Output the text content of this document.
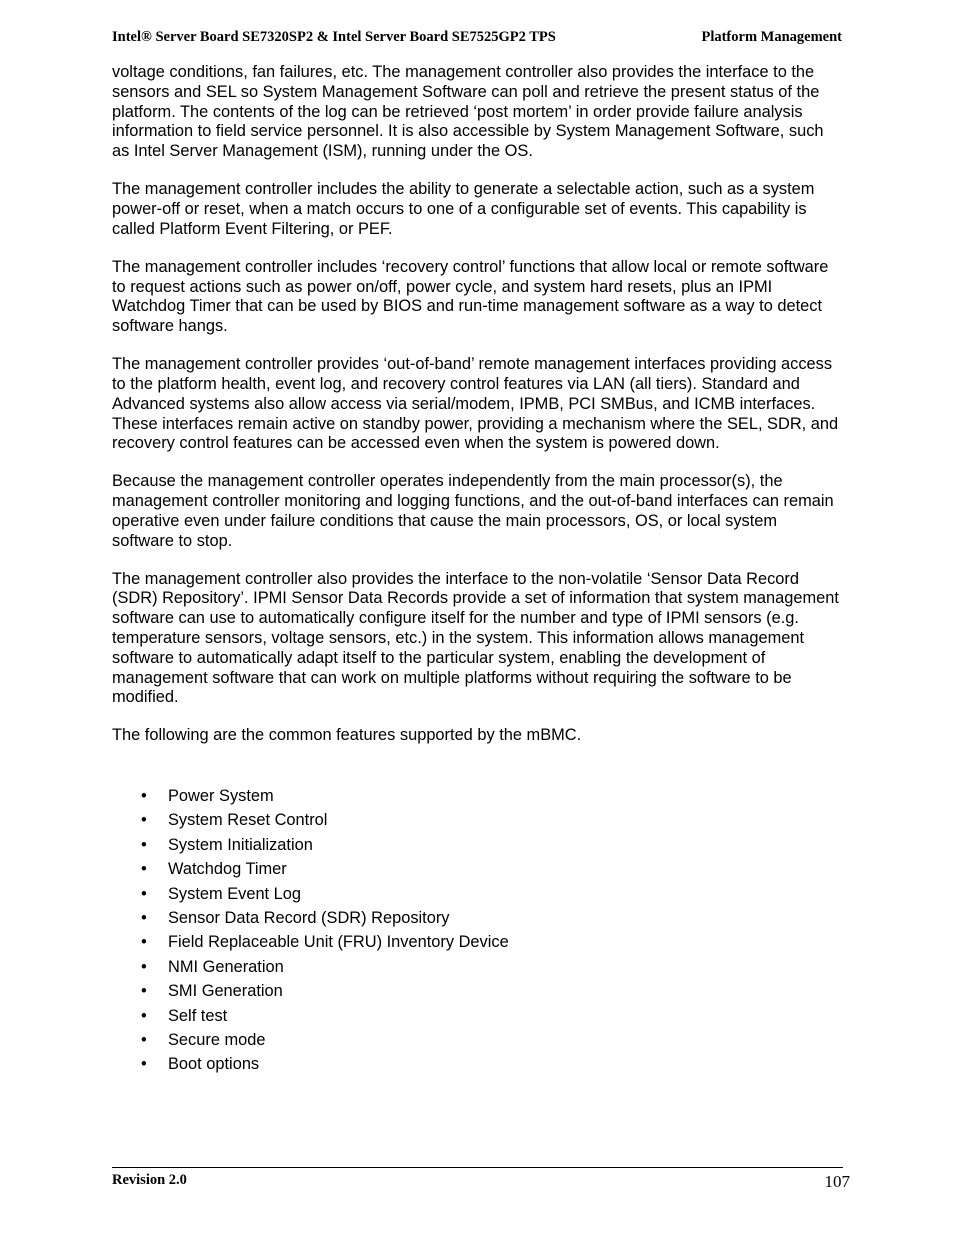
Intel® Server Board SE7320SP2 & Intel Server Board SE7525GP2 TPS	Platform Management

voltage conditions, fan failures, etc. The management controller also provides the interface to the sensors and SEL so System Management Software can poll and retrieve the present status of the platform. The contents of the log can be retrieved ‘post mortem’ in order provide failure analysis information to field service personnel. It is also accessible by System Management Software, such as Intel Server Management (ISM), running under the OS.

The management controller includes the ability to generate a selectable action, such as a system power-off or reset, when a match occurs to one of a configurable set of events. This capability is called Platform Event Filtering, or PEF.

The management controller includes ‘recovery control’ functions that allow local or remote software to request actions such as power on/off, power cycle, and system hard resets, plus an IPMI Watchdog Timer that can be used by BIOS and run-time management software as a way to detect software hangs.

The management controller provides ‘out-of-band’ remote management interfaces providing access to the platform health, event log, and recovery control features via LAN (all tiers). Standard and Advanced systems also allow access via serial/modem, IPMB, PCI SMBus, and ICMB interfaces. These interfaces remain active on standby power, providing a mechanism where the SEL, SDR, and recovery control features can be accessed even when the system is powered down.

Because the management controller operates independently from the main processor(s), the management controller monitoring and logging functions, and the out-of-band interfaces can remain operative even under failure conditions that cause the main processors, OS, or local system software to stop.

The management controller also provides the interface to the non-volatile ‘Sensor Data Record (SDR) Repository’. IPMI Sensor Data Records provide a set of information that system management software can use to automatically configure itself for the number and type of IPMI sensors (e.g. temperature sensors, voltage sensors, etc.) in the system. This information allows management software to automatically adapt itself to the particular system, enabling the development of management software that can work on multiple platforms without requiring the software to be modified.

The following are the common features supported by the mBMC.

• Power System
• System Reset Control
• System Initialization
• Watchdog Timer
• System Event Log
• Sensor Data Record (SDR) Repository
• Field Replaceable Unit (FRU) Inventory Device
• NMI Generation
• SMI Generation
• Self test
• Secure mode
• Boot options
Revision 2.0	107
